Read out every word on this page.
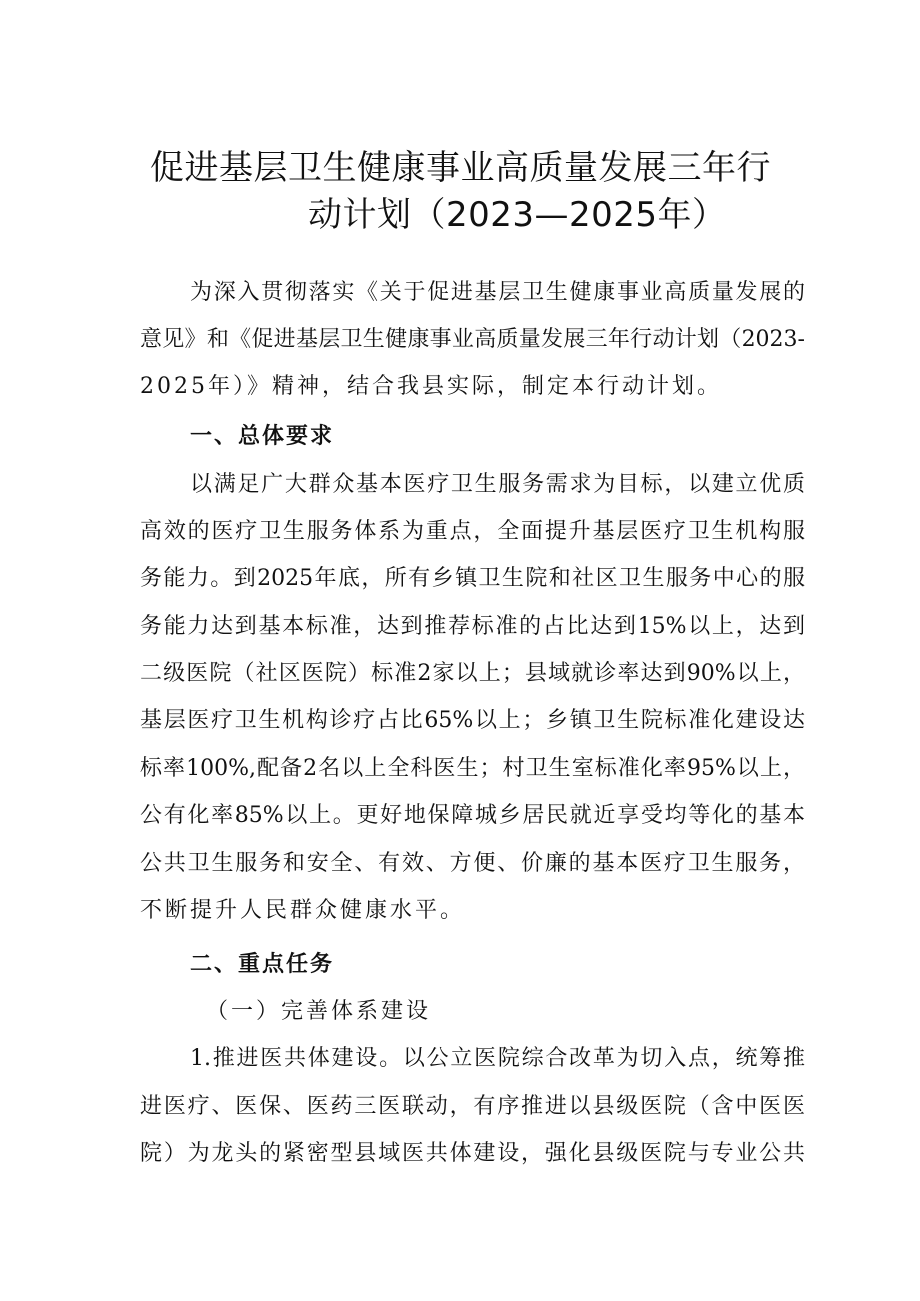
促进基层卫生健康事业高质量发展三年行
动计划（2023—2025年）
为深入贯彻落实《关于促进基层卫生健康事业高质量发展的
意见》和《促进基层卫生健康事业高质量发展三年行动计划（2023-
2025年）》精神，结合我县实际，制定本行动计划。
一、总体要求
以满足广大群众基本医疗卫生服务需求为目标，以建立优质
高效的医疗卫生服务体系为重点，全面提升基层医疗卫生机构服
务能力。到2025年底，所有乡镇卫生院和社区卫生服务中心的服
务能力达到基本标准，达到推荐标准的占比达到15%以上，达到
二级医院（社区医院）标准2家以上；县域就诊率达到90%以上，
基层医疗卫生机构诊疗占比65%以上；乡镇卫生院标准化建设达
标率100%,配备2名以上全科医生；村卫生室标准化率95%以上，
公有化率85%以上。更好地保障城乡居民就近享受均等化的基本
公共卫生服务和安全、有效、方便、价廉的基本医疗卫生服务，
不断提升人民群众健康水平。
二、重点任务
（一）完善体系建设
1.推进医共体建设。以公立医院综合改革为切入点，统筹推
进医疗、医保、医药三医联动，有序推进以县级医院（含中医医
院）为龙头的紧密型县域医共体建设，强化县级医院与专业公共
